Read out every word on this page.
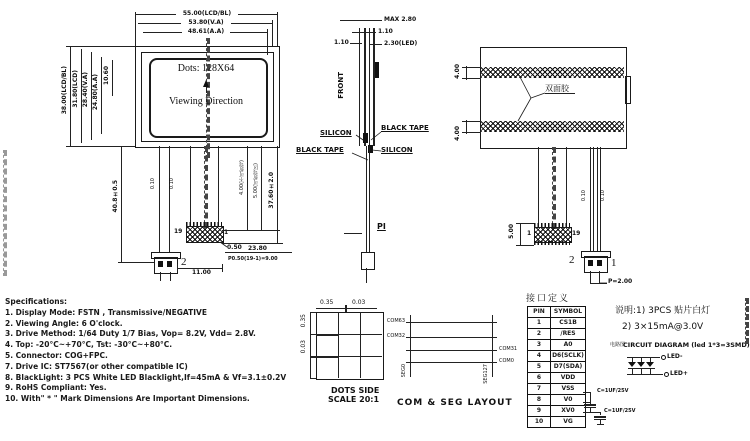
Dots: 128X64
Viewing Direction
55.00(LCD/BL)
53.80(V.A)
48.61(A.A)
38.00(LCD/BL) 31.80(LCD) 28.40(V.A) 24.80(A.A) 10.60
40.8±0.5	0.10	0.10
2
19	1
4.00(不可折弯) 5.00(可折弯区) 37.60±2.0
0.50 23.80
P0.50(19-1)=9.00
11.00
MAX 2.80
1.10
1.10	2.30(LED)
FRONT
SILICON
BLACK TAPE
BLACK TAPE
SILICON
PI
双面胶
4.00
4.00
1	19
5.00
0.10	0.10
2	1
P=2.00
Specifications:
1. Display Mode: FSTN , Transmissive/NEGATIVE
2. Viewing Angle: 6 O'clock.
3. Drive Method: 1/64 Duty 1/7 Bias, Vop= 8.2V, Vdd= 2.8V.
4. Top: -20°C~+70°C, Tst: -30°C~+80°C.
5. Connector: COG+FPC.
7. Drive IC: ST7567(or other compatible IC)
8. BlackLight: 3 PCS White LED Blacklight,If=45mA & Vf=3.1±0.2V
9. RoHS Compliant: Yes.
10. With" * " Mark Dimensions Are Important Dimensions.
0.35	0.03
0.35
0.03
DOTS SIDE
SCALE 20:1
COM63
COM32
COM31
COM0
SEG0	SEG127
COM & SEG LAYOUT
接口定义
PIN	SYMBOL
1	CS1B
2	/RES
3	A0
4	D6(SCLK)
5	D7(SDA)
6	VDD
7	VSS
8	V0
9	XV0
10	VG
C=1UF/25V
C=1UF/25V
说明:1) 3PCS 贴片白灯
2) 3×15mA@3.0V
电路图
CIRCUIT DIAGRAM (led 1*3=3SMD)
LED-
LED+
